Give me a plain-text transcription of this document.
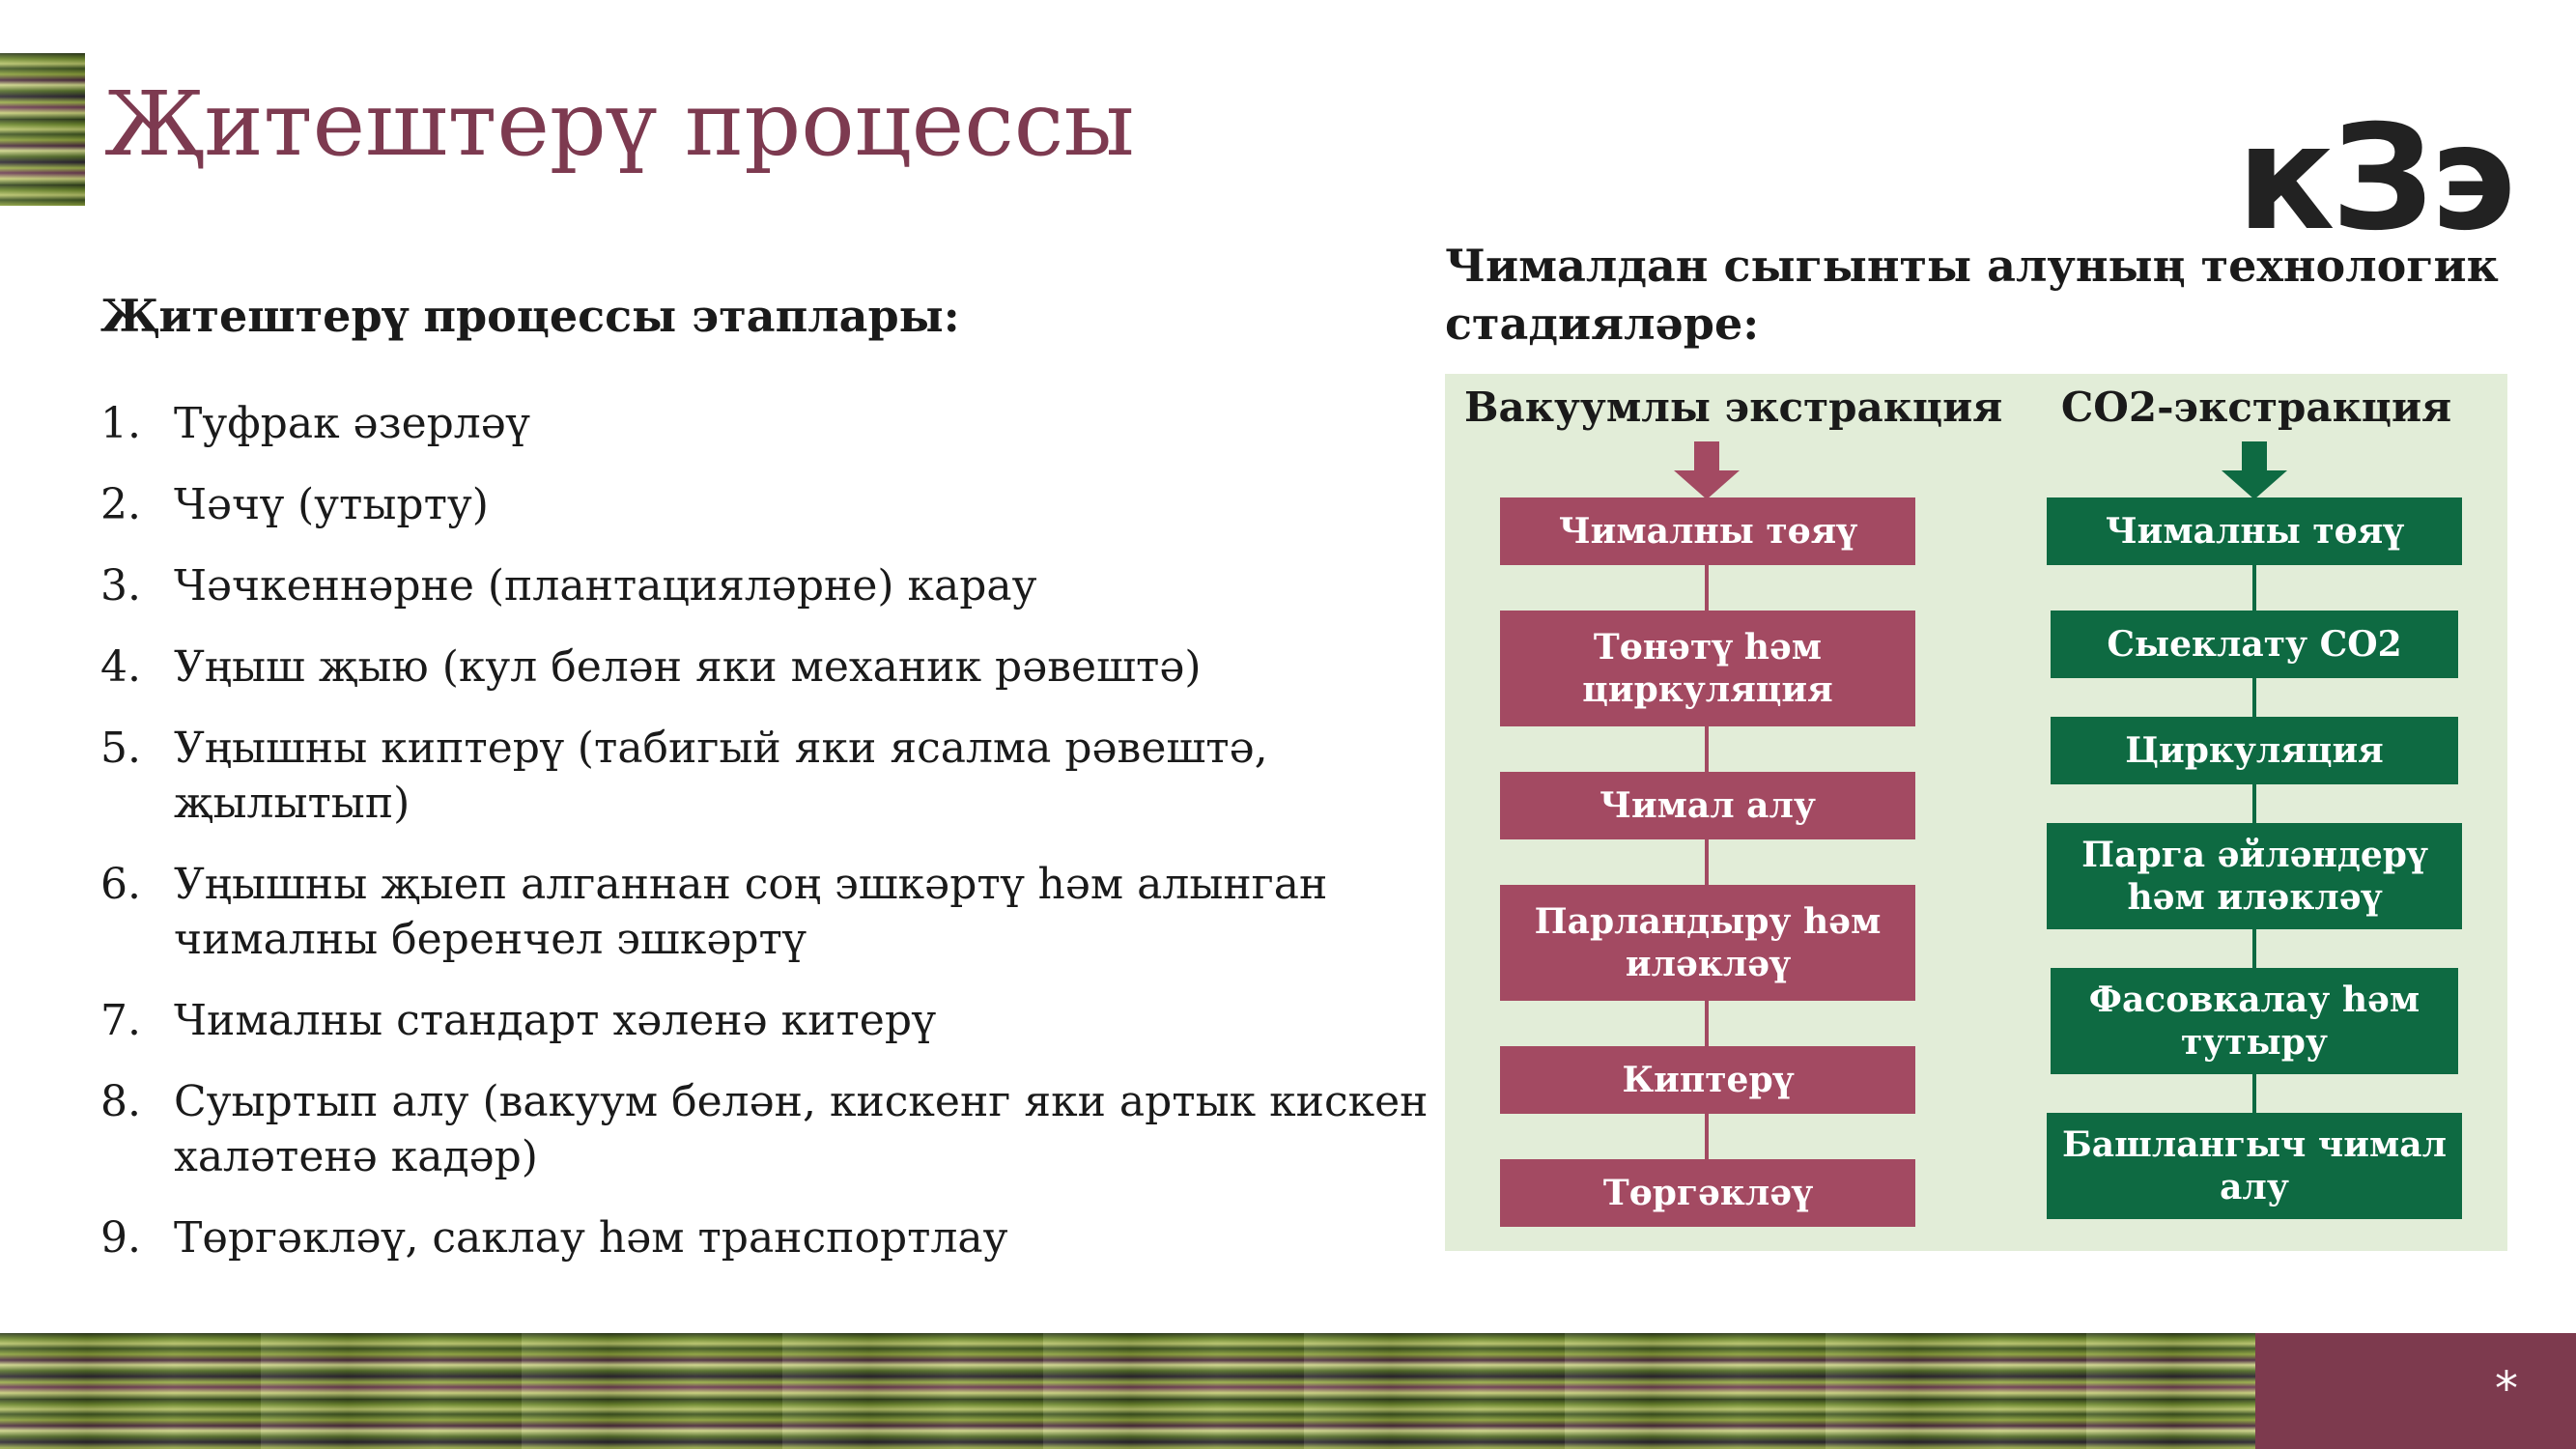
Җитештерү процессы	кЗэ
Җитештерү процессы этаплары:
1. Туфрак әзерләү
2. Чәчү (утырту)
3. Чәчкеннәрне (плантацияләрне) карау
4. Уңыш җыю (кул белән яки механик рәвештә)
5. Уңышны киптерү (табигый яки ясалма рәвештә, җылытып)
6. Уңышны җыеп алганнан соң эшкәртү һәм алынган чималны беренчел эшкәртү
7. Чималны стандарт хәленә китерү
8. Суыртып алу (вакуум белән, кискенг яки артык кискен халәтенә кадәр)
9. Төргәкләү, саклау һәм транспортлау
Чималдан сыгынты алуның технологик стадияләре:
Вакуумлы экстракция	СО2-экстракция
Чималны төяү
Төнәтү һәм циркуляция
Чимал алу
Парландыру һәм иләкләү
Киптерү
Төргәкләү
Чималны төяү
Сыеклату СО2
Циркуляция
Парга әйләндерү һәм иләкләү
Фасовкалау һәм тутыру
Башлангыч чимал алу
*
